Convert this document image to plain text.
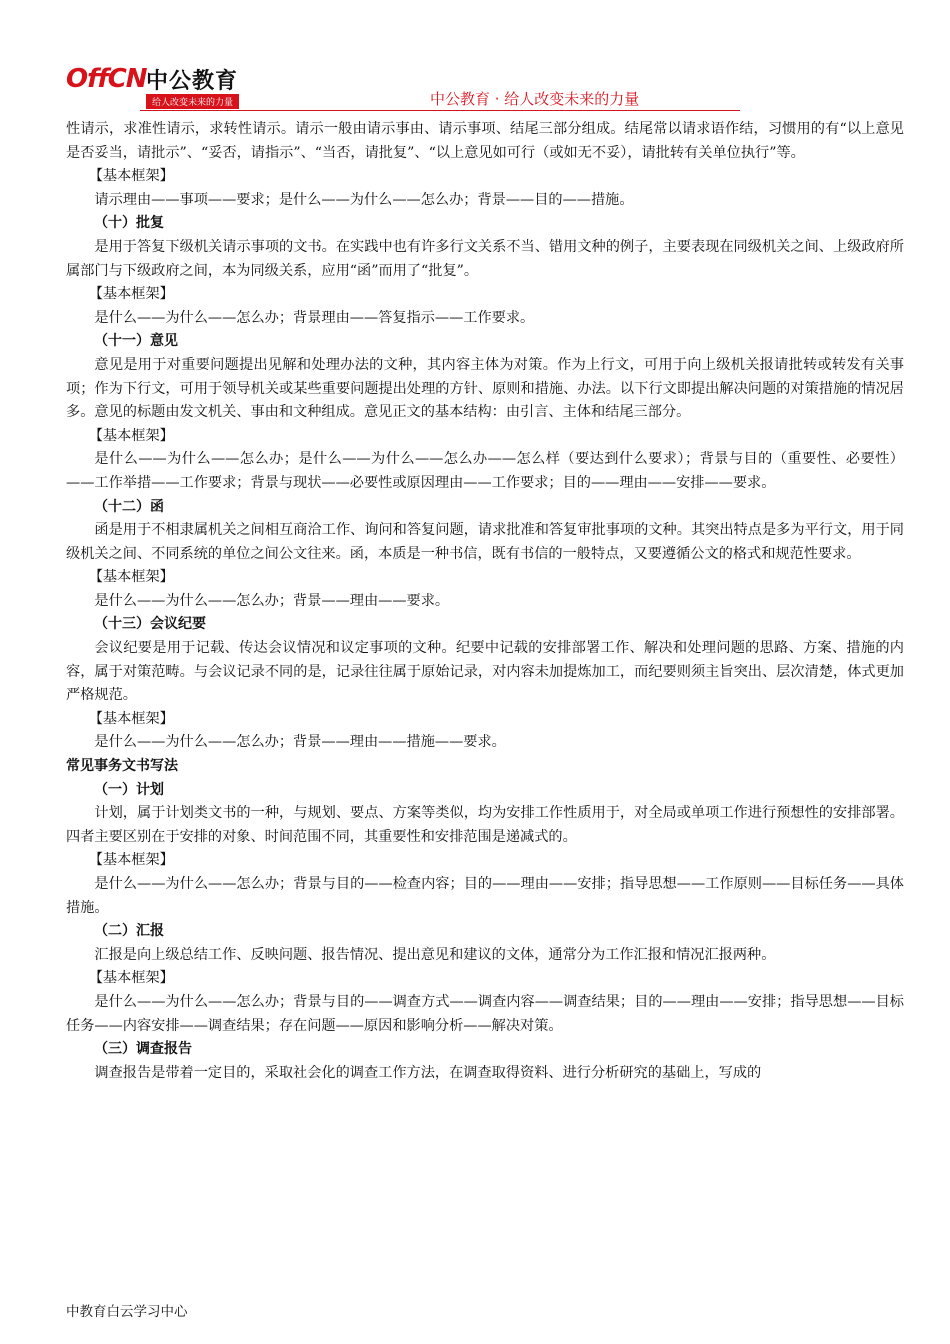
OffCN 中公教育
给人改变未来的力量	中公教育 · 给人改变未来的力量
性请示，求准性请示，求转性请示。请示一般由请示事由、请示事项、结尾三部分组成。结尾常以请求语作结，习惯用的有“以上意见是否妥当，请批示”、“妥否，请指示”、“当否，请批复”、“以上意见如可行（或如无不妥），请批转有关单位执行”等。
【基本框架】
请示理由——事项——要求；是什么——为什么——怎么办；背景——目的——措施。
（十）批复
是用于答复下级机关请示事项的文书。在实践中也有许多行文关系不当、错用文种的例子，主要表现在同级机关之间、上级政府所属部门与下级政府之间，本为同级关系，应用“函”而用了“批复”。
【基本框架】
是什么——为什么——怎么办；背景理由——答复指示——工作要求。
（十一）意见
意见是用于对重要问题提出见解和处理办法的文种，其内容主体为对策。作为上行文，可用于向上级机关报请批转或转发有关事项；作为下行文，可用于领导机关或某些重要问题提出处理的方针、原则和措施、办法。以下行文即提出解决问题的对策措施的情况居多。意见的标题由发文机关、事由和文种组成。意见正文的基本结构：由引言、主体和结尾三部分。
【基本框架】
是什么——为什么——怎么办；是什么——为什么——怎么办——怎么样（要达到什么要求）；背景与目的（重要性、必要性）——工作举措——工作要求；背景与现状——必要性或原因理由——工作要求；目的——理由——安排——要求。
（十二）函
函是用于不相隶属机关之间相互商洽工作、询问和答复问题，请求批准和答复审批事项的文种。其突出特点是多为平行文，用于同级机关之间、不同系统的单位之间公文往来。函，本质是一种书信，既有书信的一般特点，又要遵循公文的格式和规范性要求。
【基本框架】
是什么——为什么——怎么办；背景——理由——要求。
（十三）会议纪要
会议纪要是用于记载、传达会议情况和议定事项的文种。纪要中记载的安排部署工作、解决和处理问题的思路、方案、措施的内容，属于对策范畴。与会议记录不同的是，记录往往属于原始记录，对内容未加提炼加工，而纪要则须主旨突出、层次清楚，体式更加严格规范。
【基本框架】
是什么——为什么——怎么办；背景——理由——措施——要求。
常见事务文书写法
（一）计划
计划，属于计划类文书的一种，与规划、要点、方案等类似，均为安排工作性质用于，对全局或单项工作进行预想性的安排部署。四者主要区别在于安排的对象、时间范围不同，其重要性和安排范围是递减式的。
【基本框架】
是什么——为什么——怎么办；背景与目的——检查内容；目的——理由——安排；指导思想——工作原则——目标任务——具体措施。
（二）汇报
汇报是向上级总结工作、反映问题、报告情况、提出意见和建议的文体，通常分为工作汇报和情况汇报两种。
【基本框架】
是什么——为什么——怎么办；背景与目的——调查方式——调查内容——调查结果；目的——理由——安排；指导思想——目标任务——内容安排——调查结果；存在问题——原因和影响分析——解决对策。
（三）调查报告
调查报告是带着一定目的，采取社会化的调查工作方法，在调查取得资料、进行分析研究的基础上，写成的
中教育白云学习中心
